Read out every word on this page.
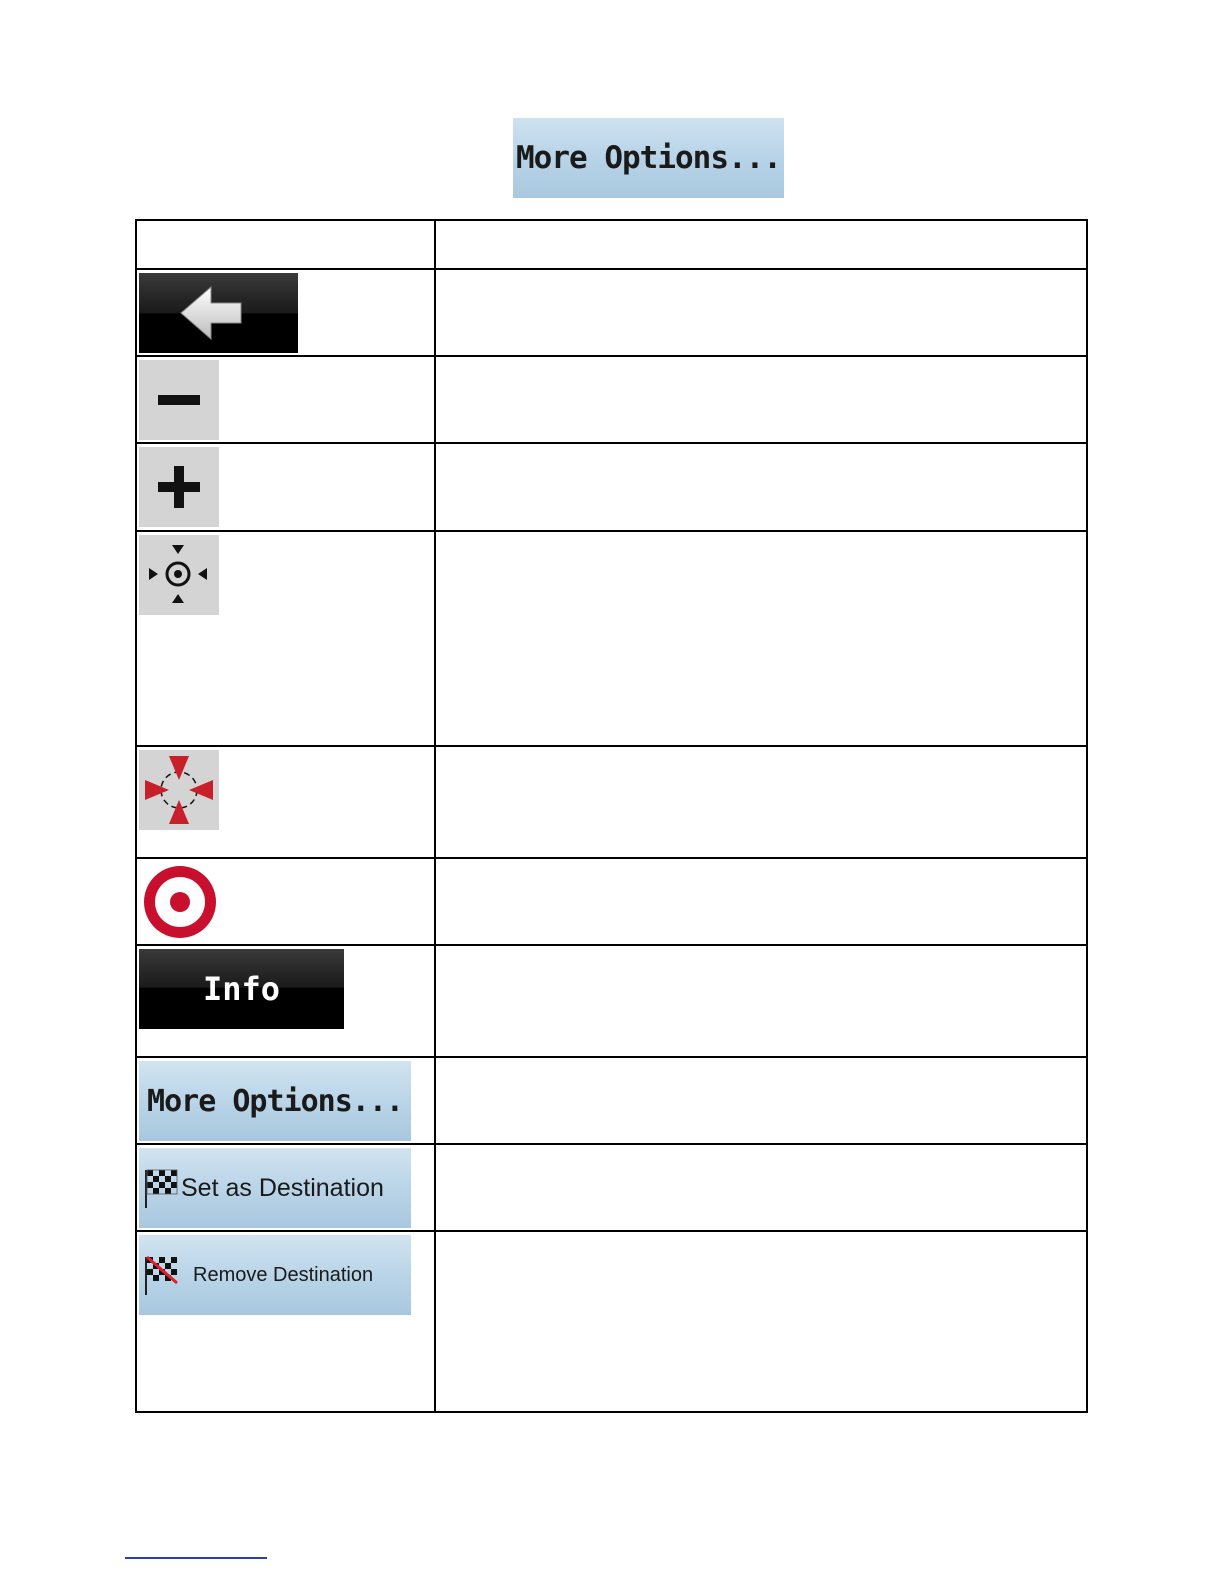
More Options...

Info	

More Options...	

Set as Destination	

Remove Destination	
